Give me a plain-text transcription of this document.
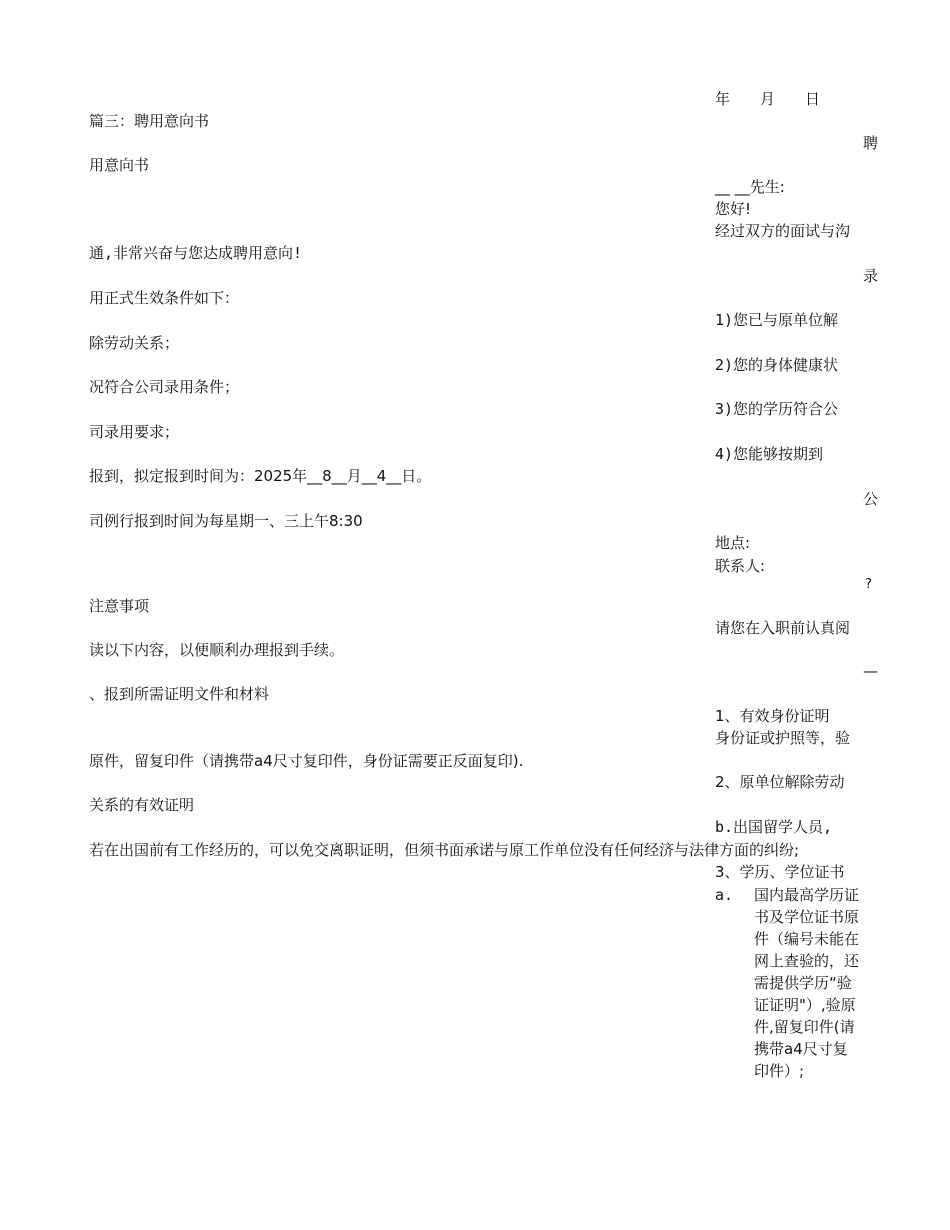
篇三：聘用意向书
用意向书
通,非常兴奋与您达成聘用意向!
用正式生效条件如下：
除劳动关系；
况符合公司录用条件；
司录用要求；
报到，拟定报到时间为：2025年__8__月__4__日。
司例行报到时间为每星期一、三上午8:30
注意事项
读以下内容，以便顺利办理报到手续。
、报到所需证明文件和材料
原件，留复印件（请携带a4尺寸复印件，身份证需要正反面复印).
关系的有效证明
若在出国前有工作经历的，可以免交离职证明，但须书面承诺与原工作单位没有任何经济与法律方面的纠纷;
年　　月　　日
聘
__ __先生:
您好!
经过双方的面试与沟
录
1)您已与原单位解
2)您的身体健康状
3)您的学历符合公
4)您能够按期到
公
地点:
联系人:
?
请您在入职前认真阅
—
1、有效身份证明
身份证或护照等，验
2、原单位解除劳动
b.出国留学人员,
3、学历、学位证书
a. 国内最高学历证书及学位证书原件（编号未能在网上查验的，还需提供学历“验证证明"）,验原件,留复印件(请携带a4尺寸复印件）;
